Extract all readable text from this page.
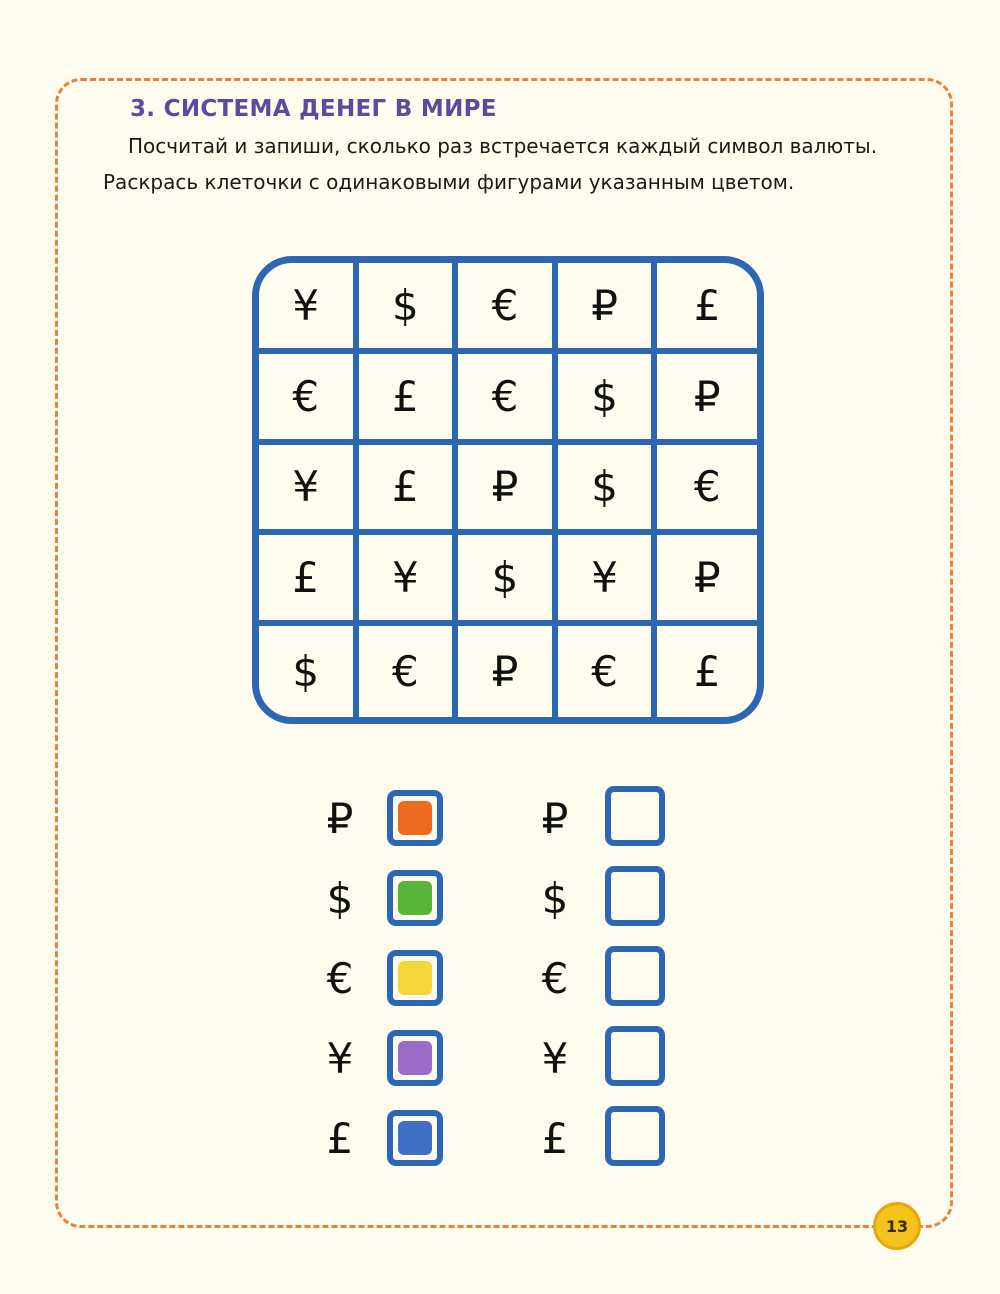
3. СИСТЕМА ДЕНЕГ В МИРЕ
Посчитай и запиши, сколько раз встречается каждый символ валюты.
Раскрась клеточки с одинаковыми фигурами указанным цветом.
¥	$	€	₽	£
€	£	€	$	₽
¥	£	₽	$	€
£	¥	$	¥	₽
$	€	₽	€	£
₽
$
€
¥
£
₽
$
€
¥
£
13
